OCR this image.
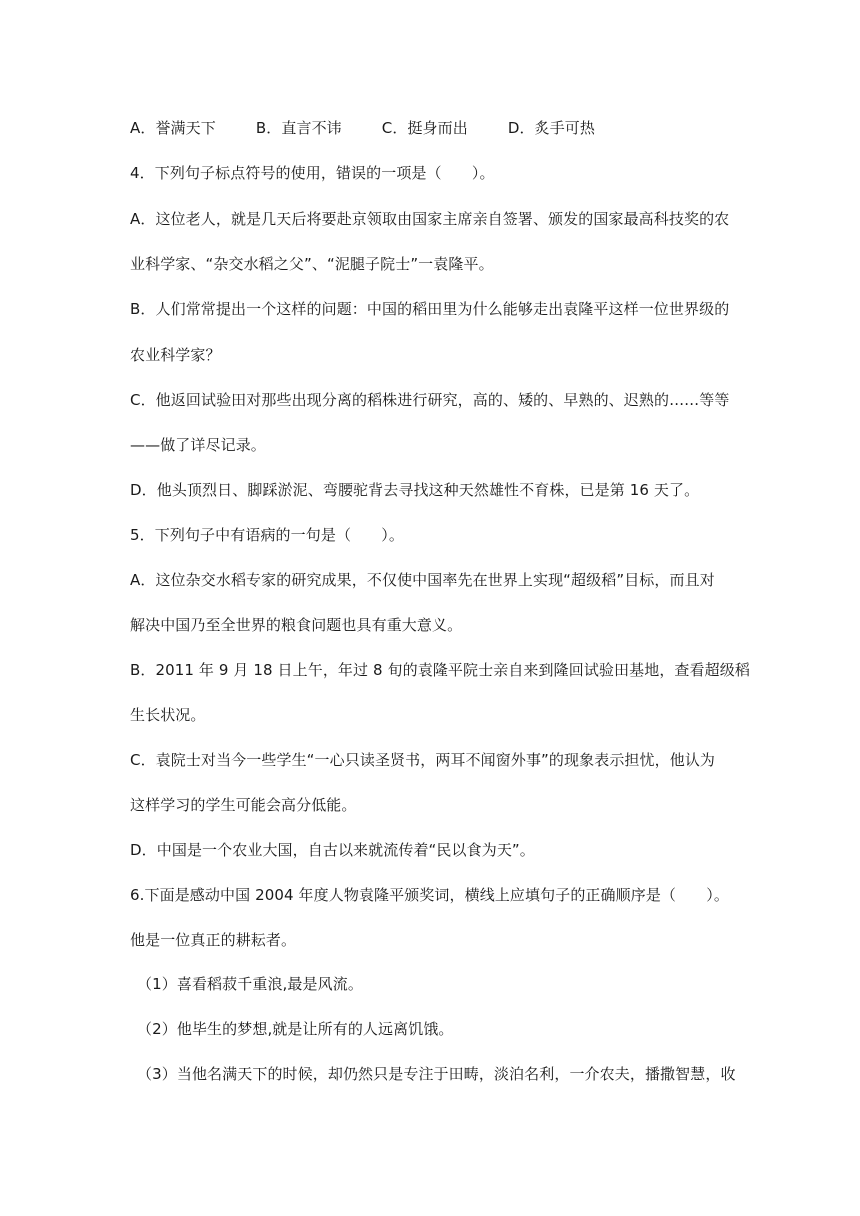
A．誉满天下	B．直言不讳	C．挺身而出	D．炙手可热
4．下列句子标点符号的使用，错误的一项是（　　）。
A．这位老人，就是几天后将要赴京领取由国家主席亲自签署、颁发的国家最高科技奖的农
业科学家、“杂交水稻之父”、“泥腿子院士”一袁隆平。
B．人们常常提出一个这样的问题：中国的稻田里为什么能够走出袁隆平这样一位世界级的
农业科学家？
C．他返回试验田对那些出现分离的稻株进行研究，高的、矮的、早熟的、迟熟的……等等
——做了详尽记录。
D．他头顶烈日、脚踩淤泥、弯腰驼背去寻找这种天然雄性不育株，已是第 16 天了。
5．下列句子中有语病的一句是（　　）。
A．这位杂交水稻专家的研究成果，不仅使中国率先在世界上实现“超级稻”目标，而且对
解决中国乃至全世界的粮食问题也具有重大意义。
B．2011 年 9 月 18 日上午，年过 8 旬的袁隆平院士亲自来到隆回试验田基地，查看超级稻
生长状况。
C．袁院士对当今一些学生“一心只读圣贤书，两耳不闻窗外事”的现象表示担忧，他认为
这样学习的学生可能会高分低能。
D．中国是一个农业大国，自古以来就流传着“民以食为天”。
6.下面是感动中国 2004 年度人物袁隆平颁奖词，横线上应填句子的正确顺序是（　　）。
他是一位真正的耕耘者。
（1）喜看稻菽千重浪,最是风流。
（2）他毕生的梦想,就是让所有的人远离饥饿。
（3）当他名满天下的时候，却仍然只是专注于田畴，淡泊名利，一介农夫，播撒智慧，收
